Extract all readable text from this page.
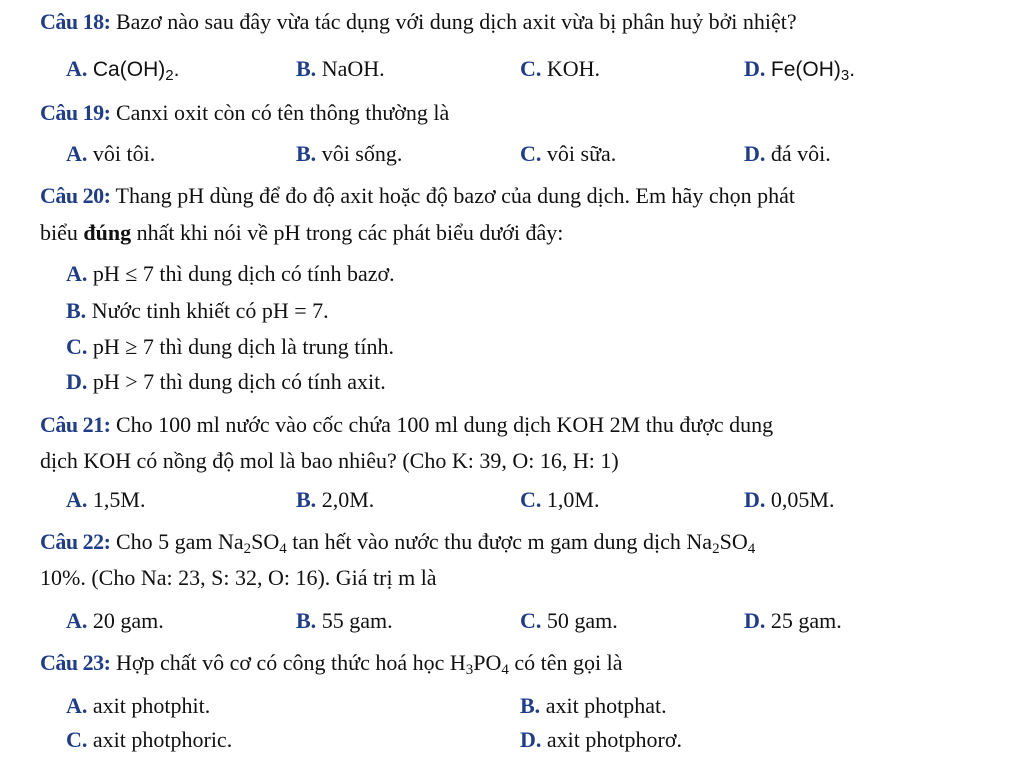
Câu 18: Bazơ nào sau đây vừa tác dụng với dung dịch axit vừa bị phân huỷ bởi nhiệt?
A. $Ca(OH)_2$.	B. NaOH.	C. KOH.	D. $Fe(OH)_3$.
Câu 19: Canxi oxit còn có tên thông thường là
A. vôi tôi.	B. vôi sống.	C. vôi sữa.	D. đá vôi.
Câu 20: Thang pH dùng để đo độ axit hoặc độ bazơ của dung dịch. Em hãy chọn phát
biểu đúng nhất khi nói về pH trong các phát biểu dưới đây:
A. pH ≤ 7 thì dung dịch có tính bazơ.
B. Nước tinh khiết có pH = 7.
C. pH ≥ 7 thì dung dịch là trung tính.
D. pH > 7 thì dung dịch có tính axit.
Câu 21: Cho 100 ml nước vào cốc chứa 100 ml dung dịch KOH 2M thu được dung
dịch KOH có nồng độ mol là bao nhiêu? (Cho K: 39, O: 16, H: 1)
A. 1,5M.	B. 2,0M.	C. 1,0M.	D. 0,05M.
Câu 22: Cho 5 gam $Na_2SO_4$ tan hết vào nước thu được m gam dung dịch $Na_2SO_4$
10%. (Cho Na: 23, S: 32, O: 16). Giá trị m là
A. 20 gam.	B. 55 gam.	C. 50 gam.	D. 25 gam.
Câu 23: Hợp chất vô cơ có công thức hoá học $H_3PO_4$ có tên gọi là
A. axit photphit.	B. axit photphat.
C. axit photphoric.	D. axit photphorơ.
